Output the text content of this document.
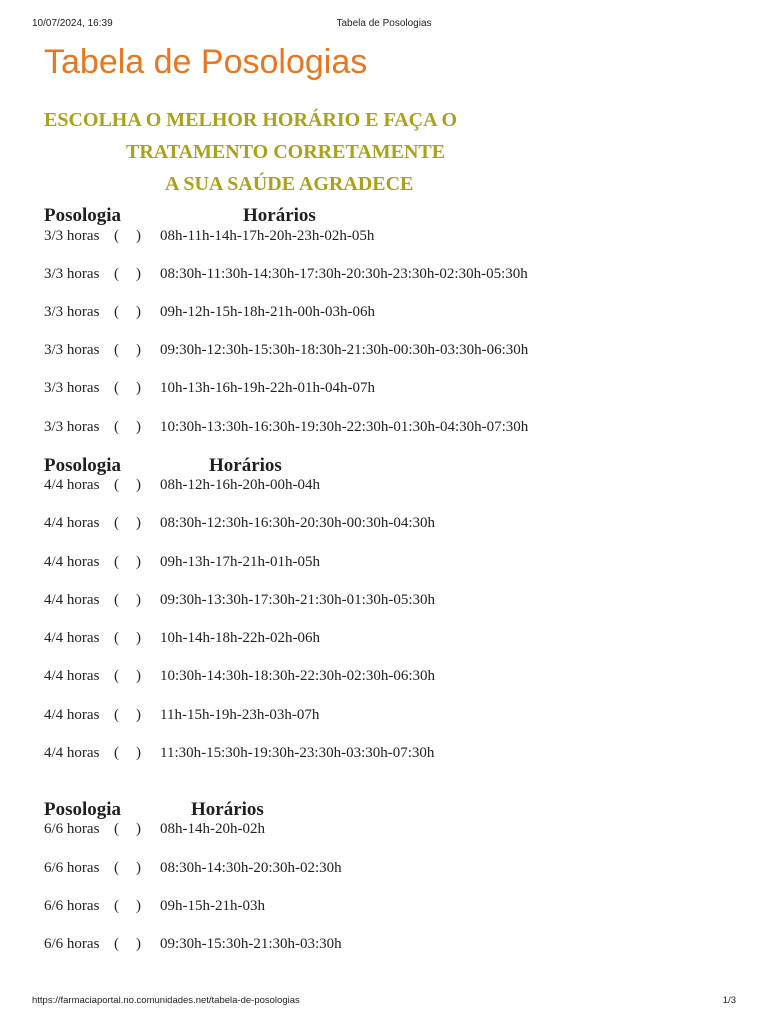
10/07/2024, 16:39	Tabela de Posologias
Tabela de Posologias
ESCOLHA O MELHOR HORÁRIO E FAÇA O
TRATAMENTO CORRETAMENTE
A SUA SAÚDE AGRADECE
Posologia	Horários
3/3 horas ( ) 08h-11h-14h-17h-20h-23h-02h-05h
3/3 horas ( ) 08:30h-11:30h-14:30h-17:30h-20:30h-23:30h-02:30h-05:30h
3/3 horas ( ) 09h-12h-15h-18h-21h-00h-03h-06h
3/3 horas ( ) 09:30h-12:30h-15:30h-18:30h-21:30h-00:30h-03:30h-06:30h
3/3 horas ( ) 10h-13h-16h-19h-22h-01h-04h-07h
3/3 horas ( ) 10:30h-13:30h-16:30h-19:30h-22:30h-01:30h-04:30h-07:30h
Posologia	Horários
4/4 horas ( ) 08h-12h-16h-20h-00h-04h
4/4 horas ( ) 08:30h-12:30h-16:30h-20:30h-00:30h-04:30h
4/4 horas ( ) 09h-13h-17h-21h-01h-05h
4/4 horas ( ) 09:30h-13:30h-17:30h-21:30h-01:30h-05:30h
4/4 horas ( ) 10h-14h-18h-22h-02h-06h
4/4 horas ( ) 10:30h-14:30h-18:30h-22:30h-02:30h-06:30h
4/4 horas ( ) 11h-15h-19h-23h-03h-07h
4/4 horas ( ) 11:30h-15:30h-19:30h-23:30h-03:30h-07:30h
Posologia	Horários
6/6 horas ( ) 08h-14h-20h-02h
6/6 horas ( ) 08:30h-14:30h-20:30h-02:30h
6/6 horas ( ) 09h-15h-21h-03h
6/6 horas ( ) 09:30h-15:30h-21:30h-03:30h
https://farmaciaportal.no.comunidades.net/tabela-de-posologias	1/3
